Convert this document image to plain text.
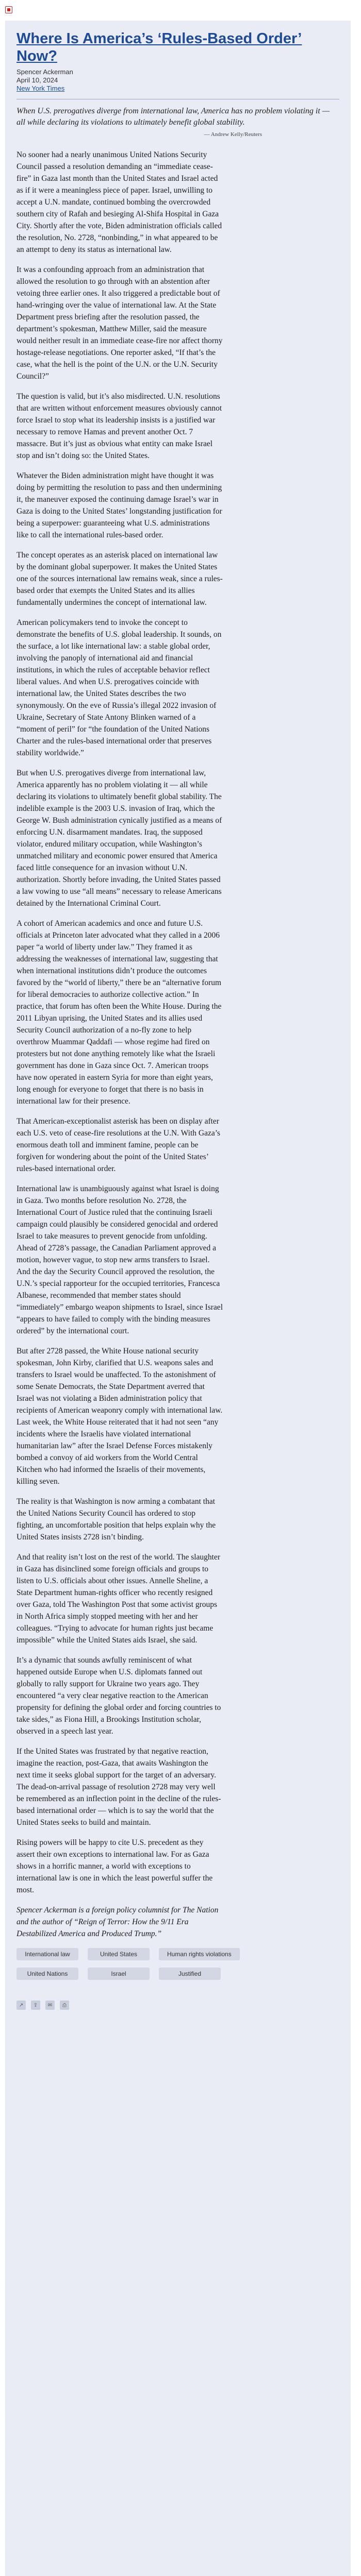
Where Is America’s ‘Rules-Based Order’ Now?
Spencer Ackerman
April 10, 2024
New York Times

When U.S. prerogatives diverge from international law, America has no problem violating it — all while declaring its violations to ultimately benefit global stability.

— Andrew Kelly/Reuters

No sooner had a nearly unanimous United Nations Security Council passed a resolution demanding an “immediate cease-fire” in Gaza last month than the United States and Israel acted as if it were a meaningless piece of paper. Israel, unwilling to accept a U.N. mandate, continued bombing the overcrowded southern city of Rafah and besieging Al-Shifa Hospital in Gaza City. Shortly after the vote, Biden administration officials called the resolution, No. 2728, “nonbinding,” in what appeared to be an attempt to deny its status as international law.

It was a confounding approach from an administration that allowed the resolution to go through with an abstention after vetoing three earlier ones. It also triggered a predictable bout of hand-wringing over the value of international law. At the State Department press briefing after the resolution passed, the department’s spokesman, Matthew Miller, said the measure would neither result in an immediate cease-fire nor affect thorny hostage-release negotiations. One reporter asked, “If that’s the case, what the hell is the point of the U.N. or the U.N. Security Council?”

The question is valid, but it’s also misdirected. U.N. resolutions that are written without enforcement measures obviously cannot force Israel to stop what its leadership insists is a justified war necessary to remove Hamas and prevent another Oct. 7 massacre. But it’s just as obvious what entity can make Israel stop and isn’t doing so: the United States.

Whatever the Biden administration might have thought it was doing by permitting the resolution to pass and then undermining it, the maneuver exposed the continuing damage Israel’s war in Gaza is doing to the United States’ longstanding justification for being a superpower: guaranteeing what U.S. administrations like to call the international rules-based order.

The concept operates as an asterisk placed on international law by the dominant global superpower. It makes the United States one of the sources international law remains weak, since a rules-based order that exempts the United States and its allies fundamentally undermines the concept of international law.

American policymakers tend to invoke the concept to demonstrate the benefits of U.S. global leadership. It sounds, on the surface, a lot like international law: a stable global order, involving the panoply of international aid and financial institutions, in which the rules of acceptable behavior reflect liberal values. And when U.S. prerogatives coincide with international law, the United States describes the two synonymously. On the eve of Russia’s illegal 2022 invasion of Ukraine, Secretary of State Antony Blinken warned of a “moment of peril” for “the foundation of the United Nations Charter and the rules-based international order that preserves stability worldwide.”

But when U.S. prerogatives diverge from international law, America apparently has no problem violating it — all while declaring its violations to ultimately benefit global stability. The indelible example is the 2003 U.S. invasion of Iraq, which the George W. Bush administration cynically justified as a means of enforcing U.N. disarmament mandates. Iraq, the supposed violator, endured military occupation, while Washington’s unmatched military and economic power ensured that America faced little consequence for an invasion without U.N. authorization. Shortly before invading, the United States passed a law vowing to use “all means” necessary to release Americans detained by the International Criminal Court.

A cohort of American academics and once and future U.S. officials at Princeton later advocated what they called in a 2006 paper “a world of liberty under law.” They framed it as addressing the weaknesses of international law, suggesting that when international institutions didn’t produce the outcomes favored by the “world of liberty,” there be an “alternative forum for liberal democracies to authorize collective action.” In practice, that forum has often been the White House. During the 2011 Libyan uprising, the United States and its allies used Security Council authorization of a no-fly zone to help overthrow Muammar Qaddafi — whose regime had fired on protesters but not done anything remotely like what the Israeli government has done in Gaza since Oct. 7. American troops have now operated in eastern Syria for more than eight years, long enough for everyone to forget that there is no basis in international law for their presence.

That American-exceptionalist asterisk has been on display after each U.S. veto of cease-fire resolutions at the U.N. With Gaza’s enormous death toll and imminent famine, people can be forgiven for wondering about the point of the United States’ rules-based international order.

International law is unambiguously against what Israel is doing in Gaza. Two months before resolution No. 2728, the International Court of Justice ruled that the continuing Israeli campaign could plausibly be considered genocidal and ordered Israel to take measures to prevent genocide from unfolding. Ahead of 2728’s passage, the Canadian Parliament approved a motion, however vague, to stop new arms transfers to Israel. And the day the Security Council approved the resolution, the U.N.’s special rapporteur for the occupied territories, Francesca Albanese, recommended that member states should “immediately” embargo weapon shipments to Israel, since Israel “appears to have failed to comply with the binding measures ordered” by the international court.

But after 2728 passed, the White House national security spokesman, John Kirby, clarified that U.S. weapons sales and transfers to Israel would be unaffected. To the astonishment of some Senate Democrats, the State Department averred that Israel was not violating a Biden administration policy that recipients of American weaponry comply with international law. Last week, the White House reiterated that it had not seen “any incidents where the Israelis have violated international humanitarian law” after the Israel Defense Forces mistakenly bombed a convoy of aid workers from the World Central Kitchen who had informed the Israelis of their movements, killing seven.

The reality is that Washington is now arming a combatant that the United Nations Security Council has ordered to stop fighting, an uncomfortable position that helps explain why the United States insists 2728 isn’t binding.

And that reality isn’t lost on the rest of the world. The slaughter in Gaza has disinclined some foreign officials and groups to listen to U.S. officials about other issues. Annelle Sheline, a State Department human-rights officer who recently resigned over Gaza, told The Washington Post that some activist groups in North Africa simply stopped meeting with her and her colleagues. “Trying to advocate for human rights just became impossible” while the United States aids Israel, she said.

It’s a dynamic that sounds awfully reminiscent of what happened outside Europe when U.S. diplomats fanned out globally to rally support for Ukraine two years ago. They encountered “a very clear negative reaction to the American propensity for defining the global order and forcing countries to take sides,” as Fiona Hill, a Brookings Institution scholar, observed in a speech last year.

If the United States was frustrated by that negative reaction, imagine the reaction, post-Gaza, that awaits Washington the next time it seeks global support for the target of an adversary. The dead-on-arrival passage of resolution 2728 may very well be remembered as an inflection point in the decline of the rules-based international order — which is to say the world that the United States seeks to build and maintain.

Rising powers will be happy to cite U.S. precedent as they assert their own exceptions to international law. For as Gaza shows in a horrific manner, a world with exceptions to international law is one in which the least powerful suffer the most.

Spencer Ackerman is a foreign policy columnist for The Nation and the author of “Reign of Terror: How the 9/11 Era Destabilized America and Produced Trump.”

International law	United States	Human rights violations
United Nations	Israel	Justified
↗	⇪	✉	⎙
